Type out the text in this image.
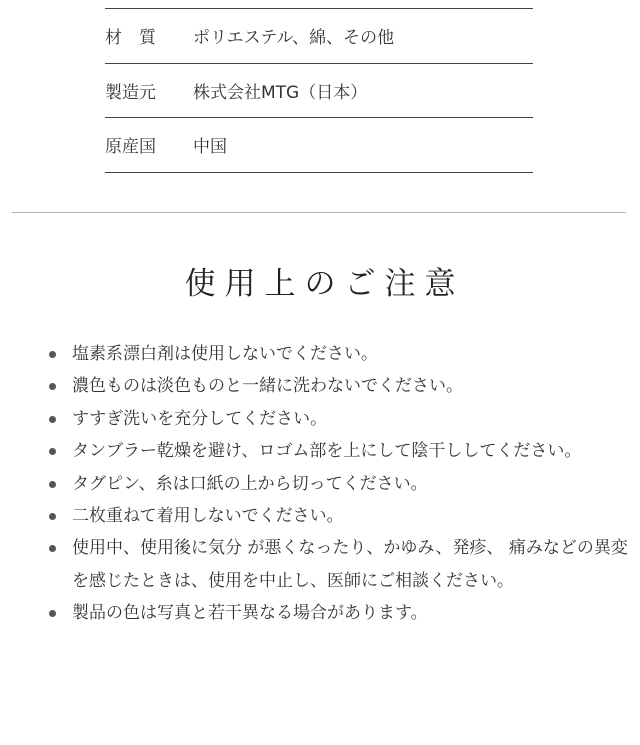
材　質	ポリエステル、綿、その他
製造元	株式会社MTG（日本）
原産国	中国
使用上のご注意
塩素系漂白剤は使用しないでください。
濃色ものは淡色ものと一緒に洗わないでください。
すすぎ洗いを充分してください。
タンブラー乾燥を避け、ロゴム部を上にして陰干ししてください。
タグピン、糸は口紙の上から切ってください。
二枚重ねて着用しないでください。
使用中、使用後に気分 が悪くなったり、かゆみ、発疹、 痛みなどの異変を感じたときは、使用を中止し、医師にご相談ください。
製品の色は写真と若干異なる場合があります。
